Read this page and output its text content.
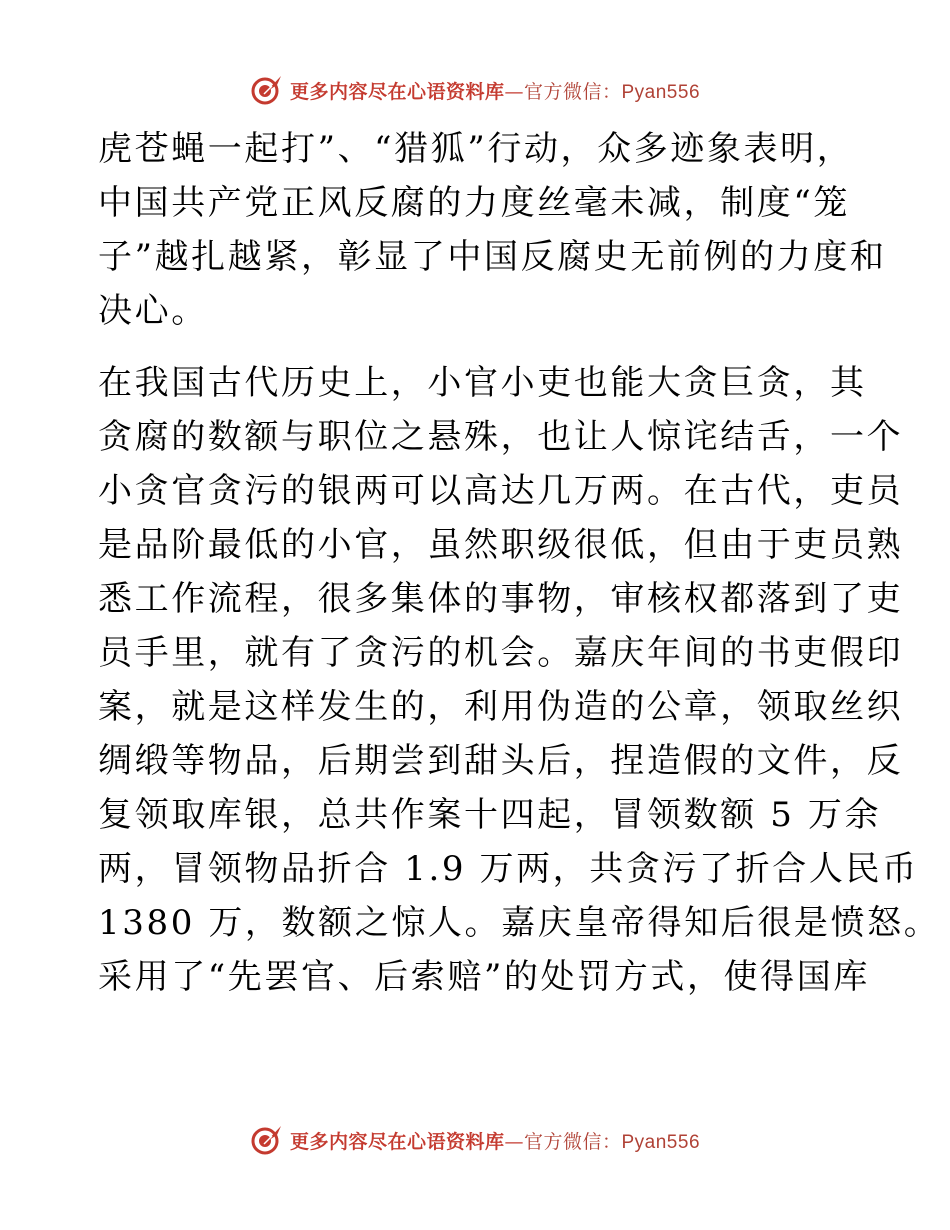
更多内容尽在心语资料库—官方微信：Pyan556

虎苍蝇一起打”、“猎狐”行动，众多迹象表明，
中国共产党正风反腐的力度丝毫未减，制度“笼
子”越扎越紧，彰显了中国反腐史无前例的力度和
决心。

在我国古代历史上，小官小吏也能大贪巨贪，其
贪腐的数额与职位之悬殊，也让人惊诧结舌，一个
小贪官贪污的银两可以高达几万两。在古代，吏员
是品阶最低的小官，虽然职级很低，但由于吏员熟
悉工作流程，很多集体的事物，审核权都落到了吏
员手里，就有了贪污的机会。嘉庆年间的书吏假印
案，就是这样发生的，利用伪造的公章，领取丝织
绸缎等物品，后期尝到甜头后，捏造假的文件，反
复领取库银，总共作案十四起，冒领数额 5 万余
两，冒领物品折合 1.9 万两，共贪污了折合人民币
1380 万，数额之惊人。嘉庆皇帝得知后很是愤怒。
采用了“先罢官、后索赔”的处罚方式，使得国库

更多内容尽在心语资料库—官方微信：Pyan556
